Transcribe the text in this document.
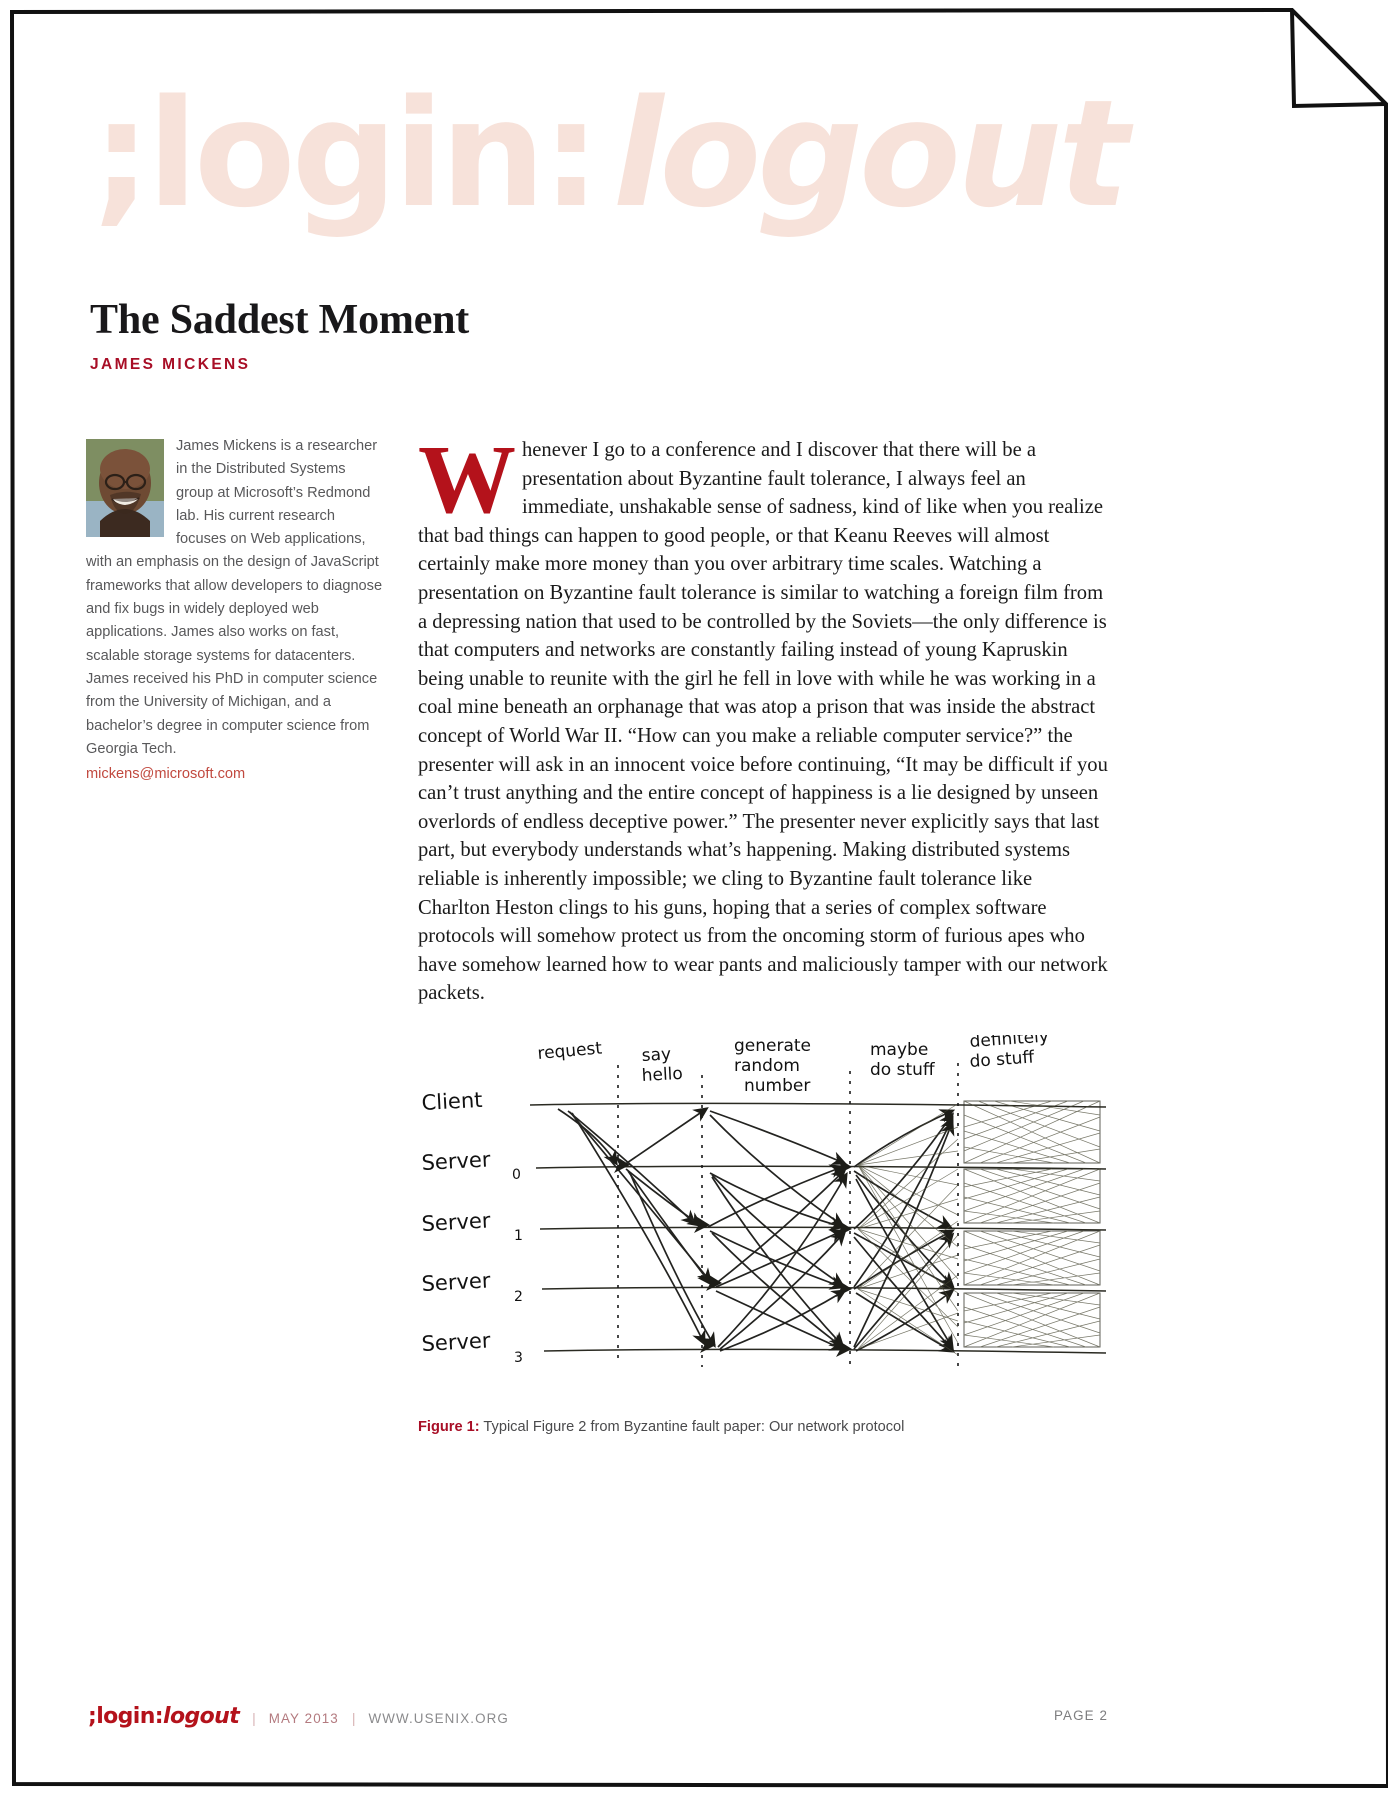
;login: logout
The Saddest Moment
JAMES MICKENS
James Mickens is a researcher in the Distributed Systems group at Microsoft’s Redmond lab. His current research focuses on Web applications, with an emphasis on the design of JavaScript frameworks that allow developers to diagnose and fix bugs in widely deployed web applications. James also works on fast, scalable storage systems for datacenters. James received his PhD in computer science from the University of Michigan, and a bachelor’s degree in computer science from Georgia Tech.
mickens@microsoft.com
Whenever I go to a conference and I discover that there will be a presentation about Byzantine fault tolerance, I always feel an immediate, unshakable sense of sadness, kind of like when you realize that bad things can happen to good people, or that Keanu Reeves will almost certainly make more money than you over arbitrary time scales. Watching a presentation on Byzantine fault tolerance is similar to watching a foreign film from a depressing nation that used to be controlled by the Soviets—the only difference is that computers and networks are constantly failing instead of young Kapruskin being unable to reunite with the girl he fell in love with while he was working in a coal mine beneath an orphanage that was atop a prison that was inside the abstract concept of World War II. “How can you make a reliable computer service?” the presenter will ask in an innocent voice before continuing, “It may be difficult if you can’t trust anything and the entire concept of happiness is a lie designed by unseen overlords of endless deceptive power.” The presenter never explicitly says that last part, but everybody understands what’s happening. Making distributed systems reliable is inherently impossible; we cling to Byzantine fault tolerance like Charlton Heston clings to his guns, hoping that a series of complex software protocols will somehow protect us from the oncoming storm of furious apes who have somehow learned how to wear pants and maliciously tamper with our network packets.
Client
Server
0
Server
1
Server
2
Server
3
request say
hello
generate
random
number
maybe
do stuff
definitely
do stuff
Figure 1: Typical Figure 2 from Byzantine fault paper: Our network protocol
;login:logout | MAY 2013 | WWW.USENIX.ORG	PAGE 2
